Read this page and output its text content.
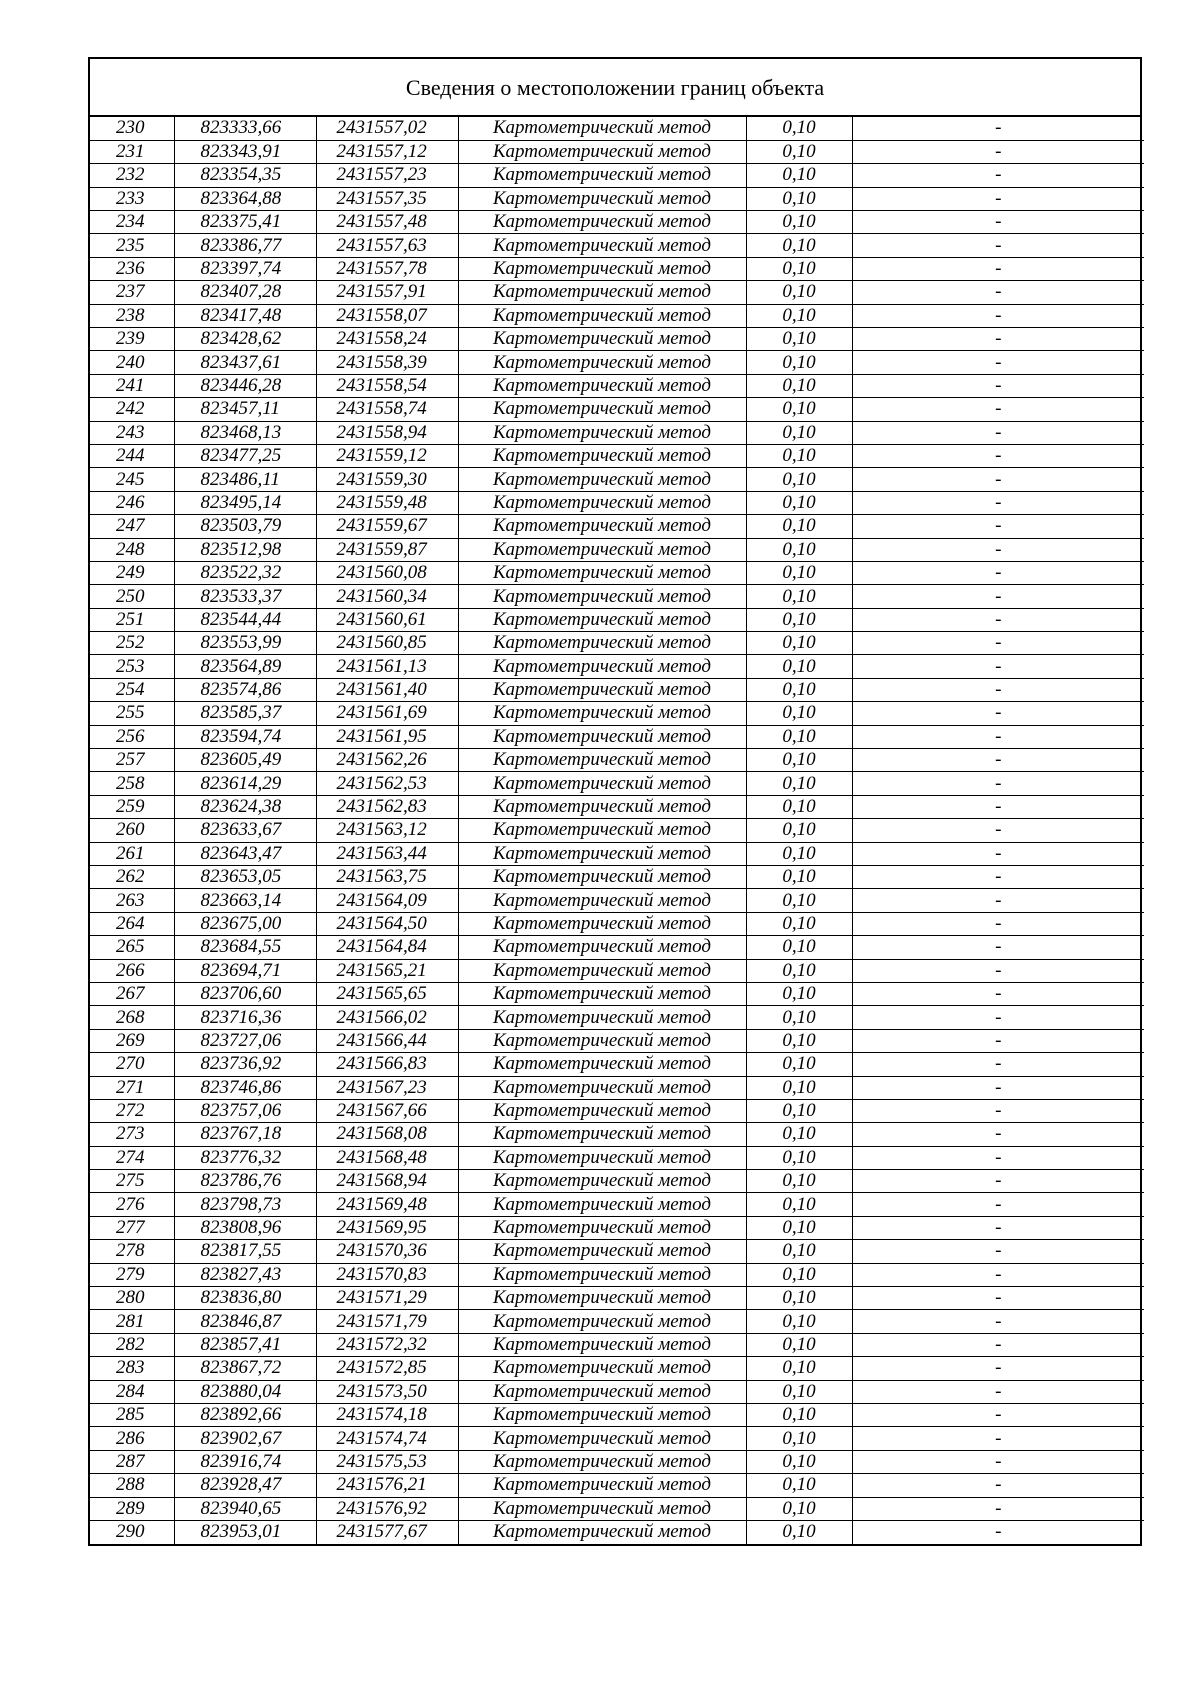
Сведения о местоположении границ объекта
230	823333,66	2431557,02	Картометрический метод	0,10	-
231	823343,91	2431557,12	Картометрический метод	0,10	-
232	823354,35	2431557,23	Картометрический метод	0,10	-
233	823364,88	2431557,35	Картометрический метод	0,10	-
234	823375,41	2431557,48	Картометрический метод	0,10	-
235	823386,77	2431557,63	Картометрический метод	0,10	-
236	823397,74	2431557,78	Картометрический метод	0,10	-
237	823407,28	2431557,91	Картометрический метод	0,10	-
238	823417,48	2431558,07	Картометрический метод	0,10	-
239	823428,62	2431558,24	Картометрический метод	0,10	-
240	823437,61	2431558,39	Картометрический метод	0,10	-
241	823446,28	2431558,54	Картометрический метод	0,10	-
242	823457,11	2431558,74	Картометрический метод	0,10	-
243	823468,13	2431558,94	Картометрический метод	0,10	-
244	823477,25	2431559,12	Картометрический метод	0,10	-
245	823486,11	2431559,30	Картометрический метод	0,10	-
246	823495,14	2431559,48	Картометрический метод	0,10	-
247	823503,79	2431559,67	Картометрический метод	0,10	-
248	823512,98	2431559,87	Картометрический метод	0,10	-
249	823522,32	2431560,08	Картометрический метод	0,10	-
250	823533,37	2431560,34	Картометрический метод	0,10	-
251	823544,44	2431560,61	Картометрический метод	0,10	-
252	823553,99	2431560,85	Картометрический метод	0,10	-
253	823564,89	2431561,13	Картометрический метод	0,10	-
254	823574,86	2431561,40	Картометрический метод	0,10	-
255	823585,37	2431561,69	Картометрический метод	0,10	-
256	823594,74	2431561,95	Картометрический метод	0,10	-
257	823605,49	2431562,26	Картометрический метод	0,10	-
258	823614,29	2431562,53	Картометрический метод	0,10	-
259	823624,38	2431562,83	Картометрический метод	0,10	-
260	823633,67	2431563,12	Картометрический метод	0,10	-
261	823643,47	2431563,44	Картометрический метод	0,10	-
262	823653,05	2431563,75	Картометрический метод	0,10	-
263	823663,14	2431564,09	Картометрический метод	0,10	-
264	823675,00	2431564,50	Картометрический метод	0,10	-
265	823684,55	2431564,84	Картометрический метод	0,10	-
266	823694,71	2431565,21	Картометрический метод	0,10	-
267	823706,60	2431565,65	Картометрический метод	0,10	-
268	823716,36	2431566,02	Картометрический метод	0,10	-
269	823727,06	2431566,44	Картометрический метод	0,10	-
270	823736,92	2431566,83	Картометрический метод	0,10	-
271	823746,86	2431567,23	Картометрический метод	0,10	-
272	823757,06	2431567,66	Картометрический метод	0,10	-
273	823767,18	2431568,08	Картометрический метод	0,10	-
274	823776,32	2431568,48	Картометрический метод	0,10	-
275	823786,76	2431568,94	Картометрический метод	0,10	-
276	823798,73	2431569,48	Картометрический метод	0,10	-
277	823808,96	2431569,95	Картометрический метод	0,10	-
278	823817,55	2431570,36	Картометрический метод	0,10	-
279	823827,43	2431570,83	Картометрический метод	0,10	-
280	823836,80	2431571,29	Картометрический метод	0,10	-
281	823846,87	2431571,79	Картометрический метод	0,10	-
282	823857,41	2431572,32	Картометрический метод	0,10	-
283	823867,72	2431572,85	Картометрический метод	0,10	-
284	823880,04	2431573,50	Картометрический метод	0,10	-
285	823892,66	2431574,18	Картометрический метод	0,10	-
286	823902,67	2431574,74	Картометрический метод	0,10	-
287	823916,74	2431575,53	Картометрический метод	0,10	-
288	823928,47	2431576,21	Картометрический метод	0,10	-
289	823940,65	2431576,92	Картометрический метод	0,10	-
290	823953,01	2431577,67	Картометрический метод	0,10	-
